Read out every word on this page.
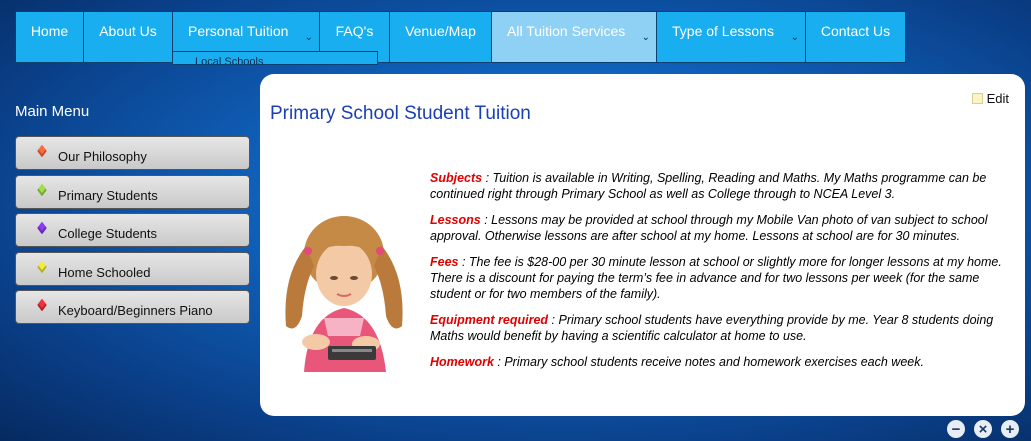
Home	About Us	Personal Tuition	⌄	FAQ's	Venue/Map	All Tuition Services	⌄	Type of Lessons	⌄	Contact Us
Local Schools
Main Menu
Our Philosophy
Primary Students
College Students
Home Schooled
Keyboard/Beginners Piano
Edit
Primary School Student Tuition

Subjects : Tuition is available in Writing, Spelling, Reading and Maths. My Maths programme can be continued right through Primary School as well as College through to NCEA Level 3.

Lessons : Lessons may be provided at school through my Mobile Van photo of van subject to school approval. Otherwise lessons are after school at my home. Lessons at school are for 30 minutes.

Fees : The fee is $28-00 per 30 minute lesson at school or slightly more for longer lessons at my home. There is a discount for paying the term’s fee in advance and for two lessons per week (for the same student or for two members of the family).

Equipment required : Primary school students have everything provide by me. Year 8 students doing Maths would benefit by having a scientific calculator at home to use.

Homework : Primary school students receive notes and homework exercises each week.

−	×	+
